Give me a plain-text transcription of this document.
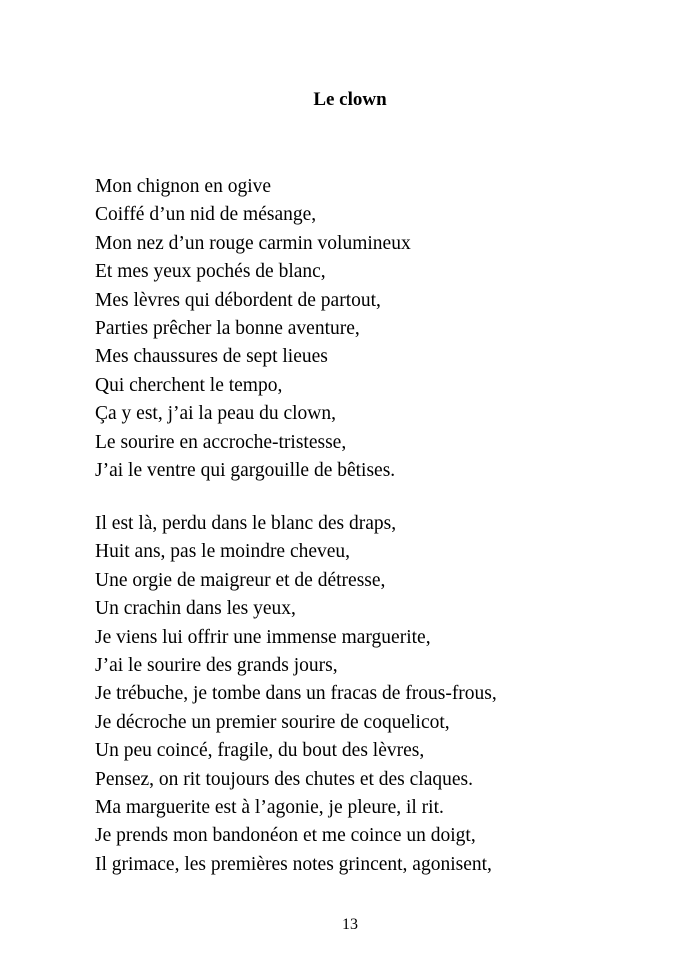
Le clown
Mon chignon en ogive
Coiffé d’un nid de mésange,
Mon nez d’un rouge carmin volumineux
Et mes yeux pochés de blanc,
Mes lèvres qui débordent de partout,
Parties prêcher la bonne aventure,
Mes chaussures de sept lieues
Qui cherchent le tempo,
Ça y est, j’ai la peau du clown,
Le sourire en accroche-tristesse,
J’ai le ventre qui gargouille de bêtises.
Il est là, perdu dans le blanc des draps,
Huit ans, pas le moindre cheveu,
Une orgie de maigreur et de détresse,
Un crachin dans les yeux,
Je viens lui offrir une immense marguerite,
J’ai le sourire des grands jours,
Je trébuche, je tombe dans un fracas de frous-frous,
Je décroche un premier sourire de coquelicot,
Un peu coincé, fragile, du bout des lèvres,
Pensez, on rit toujours des chutes et des claques.
Ma marguerite est à l’agonie, je pleure, il rit.
Je prends mon bandonéon et me coince un doigt,
Il grimace, les premières notes grincent, agonisent,
13
